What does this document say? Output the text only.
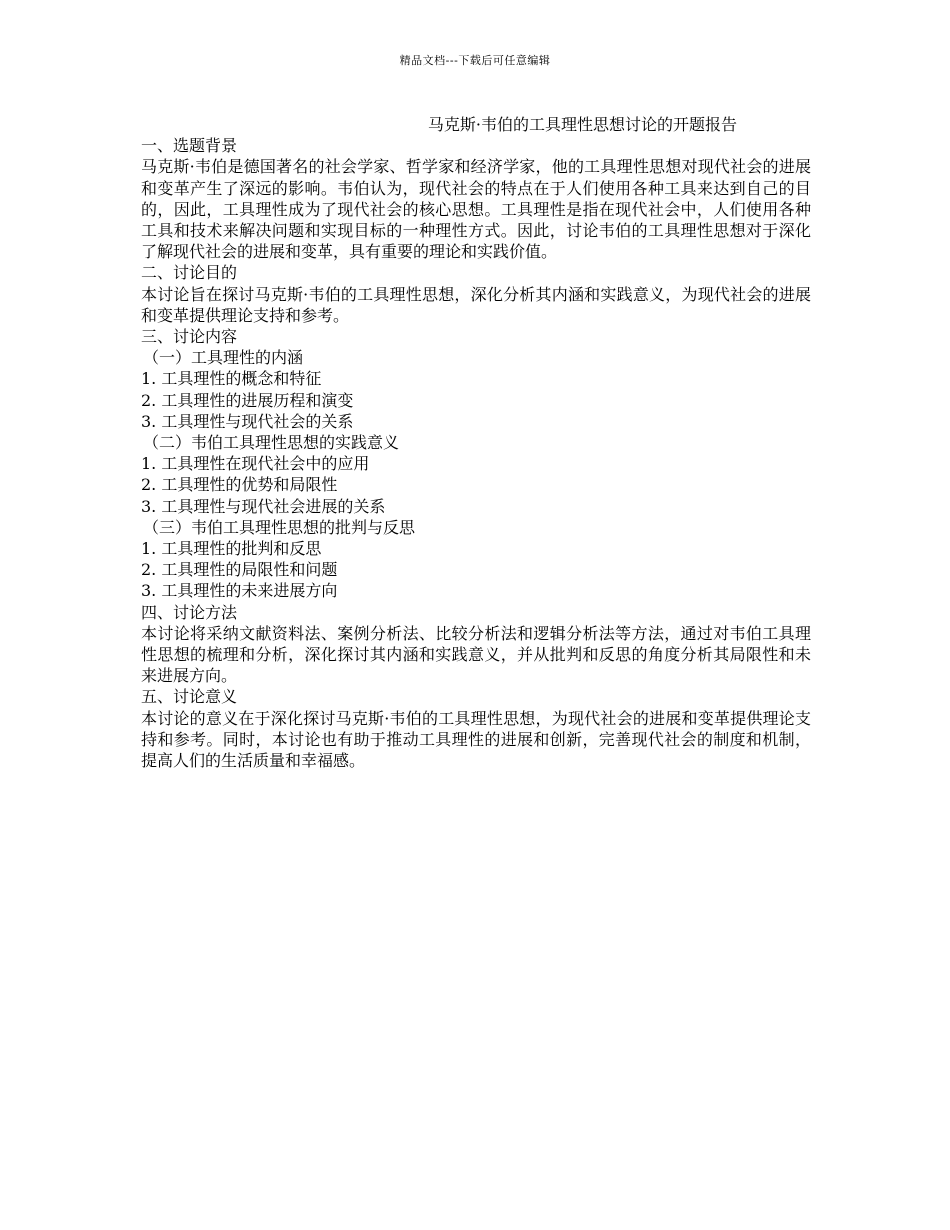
精品文档---下载后可任意编辑
马克斯·韦伯的工具理性思想讨论的开题报告

一、选题背景

马克斯·韦伯是德国著名的社会学家、哲学家和经济学家，他的工具理性思想对现代社会的进展和变革产生了深远的影响。韦伯认为，现代社会的特点在于人们使用各种工具来达到自己的目的，因此，工具理性成为了现代社会的核心思想。工具理性是指在现代社会中，人们使用各种工具和技术来解决问题和实现目标的一种理性方式。因此，讨论韦伯的工具理性思想对于深化了解现代社会的进展和变革，具有重要的理论和实践价值。

二、讨论目的

本讨论旨在探讨马克斯·韦伯的工具理性思想，深化分析其内涵和实践意义，为现代社会的进展和变革提供理论支持和参考。

三、讨论内容

（一）工具理性的内涵

1. 工具理性的概念和特征

2. 工具理性的进展历程和演变

3. 工具理性与现代社会的关系

（二）韦伯工具理性思想的实践意义

1. 工具理性在现代社会中的应用

2. 工具理性的优势和局限性

3. 工具理性与现代社会进展的关系

（三）韦伯工具理性思想的批判与反思

1. 工具理性的批判和反思

2. 工具理性的局限性和问题

3. 工具理性的未来进展方向

四、讨论方法

本讨论将采纳文献资料法、案例分析法、比较分析法和逻辑分析法等方法，通过对韦伯工具理性思想的梳理和分析，深化探讨其内涵和实践意义，并从批判和反思的角度分析其局限性和未来进展方向。

五、讨论意义

本讨论的意义在于深化探讨马克斯·韦伯的工具理性思想，为现代社会的进展和变革提供理论支持和参考。同时，本讨论也有助于推动工具理性的进展和创新，完善现代社会的制度和机制，提高人们的生活质量和幸福感。
